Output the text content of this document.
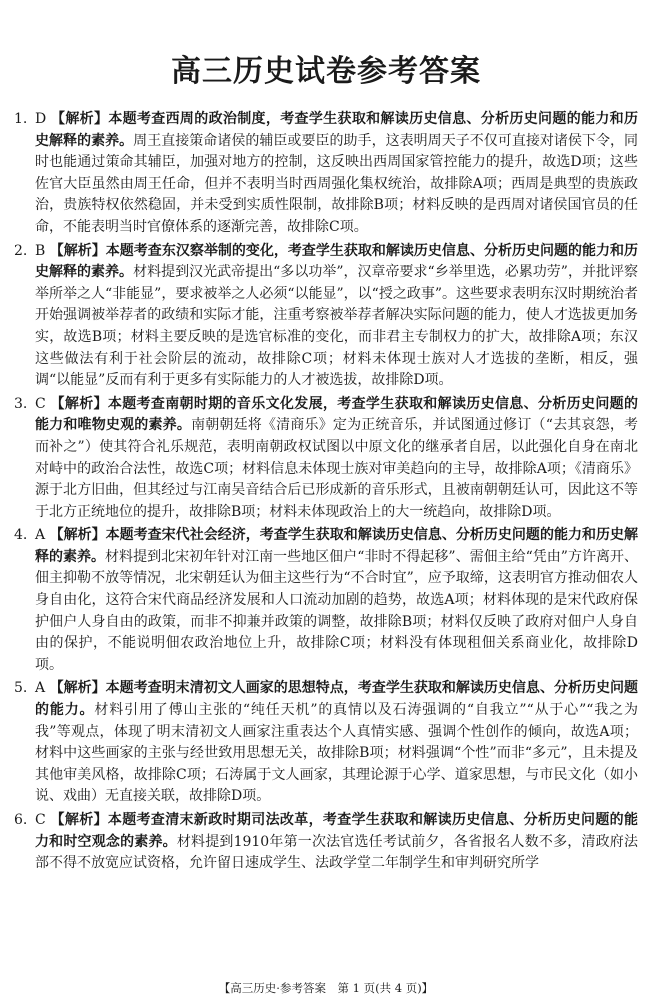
高三历史试卷参考答案

1. D 【解析】本题考查西周的政治制度，考查学生获取和解读历史信息、分析历史问题的能力和历史解释的素养。周王直接策命诸侯的辅臣或要臣的助手，这表明周天子不仅可直接对诸侯下令，同时也能通过策命其辅臣，加强对地方的控制，这反映出西周国家管控能力的提升，故选D项；这些佐官大臣虽然由周王任命，但并不表明当时西周强化集权统治，故排除A项；西周是典型的贵族政治，贵族特权依然稳固，并未受到实质性限制，故排除B项；材料反映的是西周对诸侯国官员的任命，不能表明当时官僚体系的逐渐完善，故排除C项。

2. B 【解析】本题考查东汉察举制的变化，考查学生获取和解读历史信息、分析历史问题的能力和历史解释的素养。材料提到汉光武帝提出“多以功举”，汉章帝要求“乡举里选，必累功劳”，并批评察举所举之人“非能显”，要求被举之人必须“以能显”，以“授之政事”。这些要求表明东汉时期统治者开始强调被举荐者的政绩和实际才能，注重考察被举荐者解决实际问题的能力，使人才选拔更加务实，故选B项；材料主要反映的是选官标准的变化，而非君主专制权力的扩大，故排除A项；东汉这些做法有利于社会阶层的流动，故排除C项；材料未体现士族对人才选拔的垄断，相反，强调“以能显”反而有利于更多有实际能力的人才被选拔，故排除D项。

3. C 【解析】本题考查南朝时期的音乐文化发展，考查学生获取和解读历史信息、分析历史问题的能力和唯物史观的素养。南朝朝廷将《清商乐》定为正统音乐，并试图通过修订（“去其哀怨，考而补之”）使其符合礼乐规范，表明南朝政权试图以中原文化的继承者自居，以此强化自身在南北对峙中的政治合法性，故选C项；材料信息未体现士族对审美趋向的主导，故排除A项；《清商乐》源于北方旧曲，但其经过与江南吴音结合后已形成新的音乐形式，且被南朝朝廷认可，因此这不等于北方正统地位的提升，故排除B项；材料未体现政治上的大一统趋向，故排除D项。

4. A 【解析】本题考查宋代社会经济，考查学生获取和解读历史信息、分析历史问题的能力和历史解释的素养。材料提到北宋初年针对江南一些地区佃户“非时不得起移”、需佃主给“凭由”方许离开、佃主抑勒不放等情况，北宋朝廷认为佃主这些行为“不合时宜”，应予取缔，这表明官方推动佃农人身自由化，这符合宋代商品经济发展和人口流动加剧的趋势，故选A项；材料体现的是宋代政府保护佃户人身自由的政策，而非不抑兼并政策的调整，故排除B项；材料仅反映了政府对佃户人身自由的保护，不能说明佃农政治地位上升，故排除C项；材料没有体现租佃关系商业化，故排除D项。

5. A 【解析】本题考查明末清初文人画家的思想特点，考查学生获取和解读历史信息、分析历史问题的能力。材料引用了傅山主张的“纯任天机”的真情以及石涛强调的“自我立”“从于心”“我之为我”等观点，体现了明末清初文人画家注重表达个人真情实感、强调个性创作的倾向，故选A项；材料中这些画家的主张与经世致用思想无关，故排除B项；材料强调“个性”而非“多元”，且未提及其他审美风格，故排除C项；石涛属于文人画家，其理论源于心学、道家思想，与市民文化（如小说、戏曲）无直接关联，故排除D项。

6. C 【解析】本题考查清末新政时期司法改革，考查学生获取和解读历史信息、分析历史问题的能力和时空观念的素养。材料提到1910年第一次法官选任考试前夕，各省报名人数不多，清政府法部不得不放宽应试资格，允许留日速成学生、法政学堂二年制学生和审判研究所学

【高三历史·参考答案　第 1 页(共 4 页)】
